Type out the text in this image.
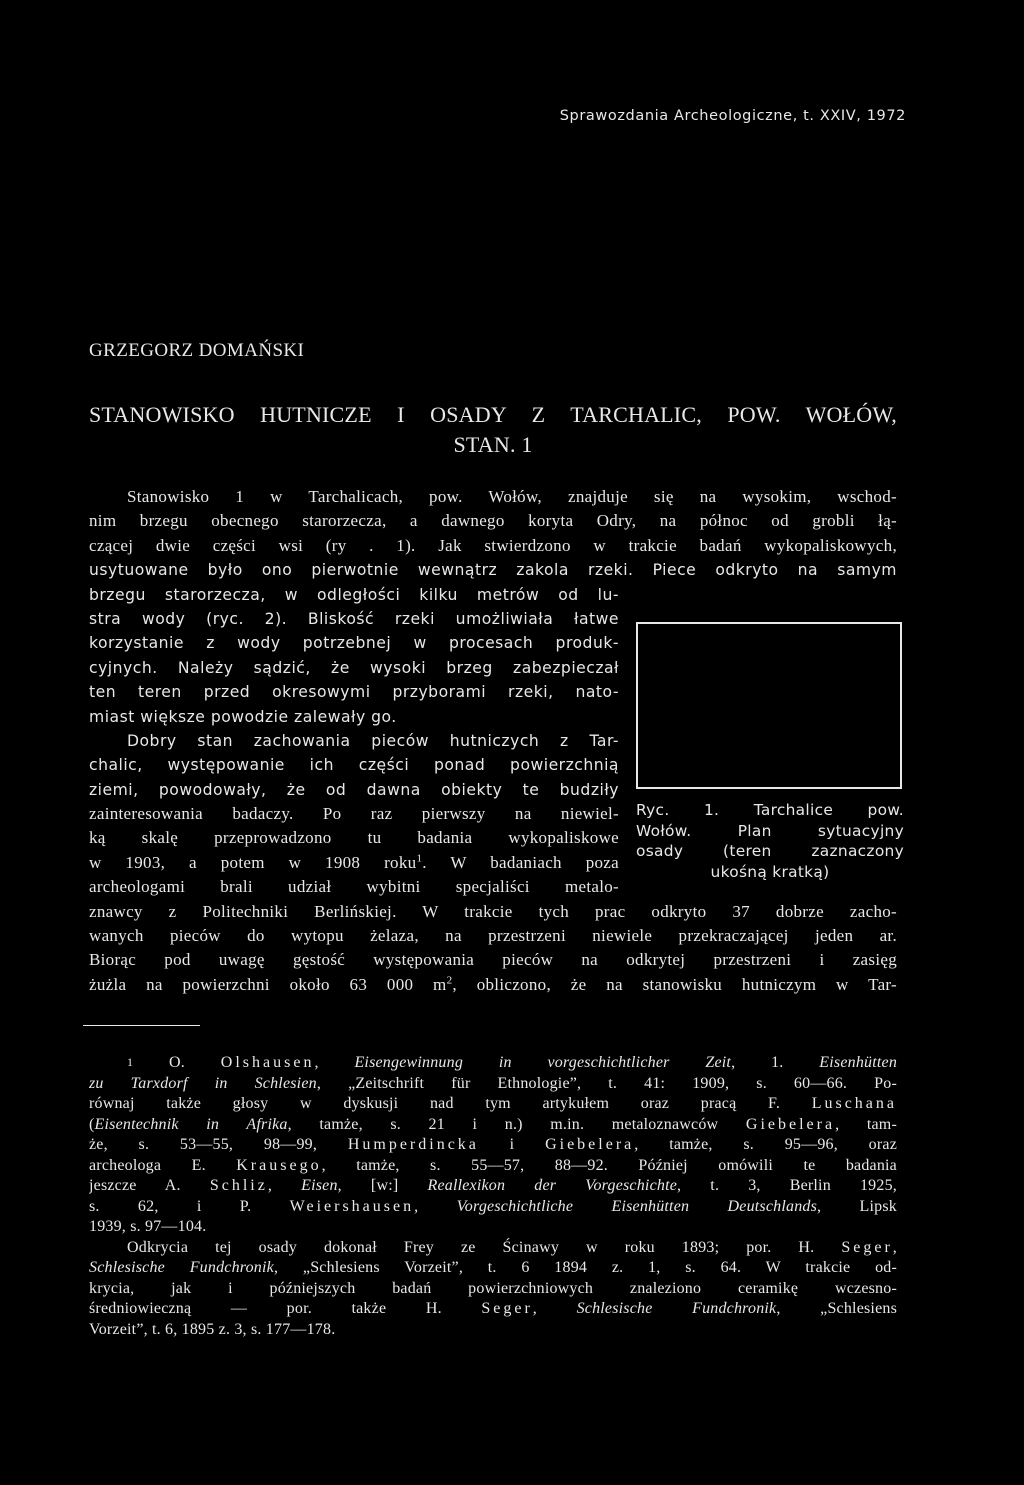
Sprawozdania Archeologiczne, t. XXIV, 1972
GRZEGORZ DOMAŃSKI
STANOWISKO HUTNICZE I OSADY Z TARCHALIC, POW. WOŁÓW,
STAN. 1
Stanowisko 1 w Tarchalicach, pow. Wołów, znajduje się na wysokim, wschod-
nim brzegu obecnego starorzecza, a dawnego koryta Odry, na północ od grobli łą-
czącej dwie części wsi (ry . 1). Jak stwierdzono w trakcie badań wykopaliskowych,
usytuowane było ono pierwotnie wewnątrz zakola rzeki. Piece odkryto na samym
brzegu starorzecza, w odległości kilku metrów od lu-
stra wody (ryc. 2). Bliskość rzeki umożliwiała łatwe
korzystanie z wody potrzebnej w procesach produk-
cyjnych. Należy sądzić, że wysoki brzeg zabezpieczał
ten teren przed okresowymi przyborami rzeki, nato-
miast większe powodzie zalewały go.
Dobry stan zachowania pieców hutniczych z Tar-
chalic, występowanie ich części ponad powierzchnią
ziemi, powodowały, że od dawna obiekty te budziły
zainteresowania badaczy. Po raz pierwszy na niewiel-
ką skalę przeprowadzono tu badania wykopaliskowe
w 1903, a potem w 1908 roku$^1$. W badaniach poza
archeologami brali udział wybitni specjaliści metalo-
znawcy z Politechniki Berlińskiej. W trakcie tych prac odkryto 37 dobrze zacho-
wanych pieców do wytopu żelaza, na przestrzeni niewiele przekraczającej jeden ar.
Biorąc pod uwagę gęstość występowania pieców na odkrytej przestrzeni i zasięg
żużla na powierzchni około 63 000 $m^2$, obliczono, że na stanowisku hutniczym w Tar-
Ryc. 1. Tarchalice pow.
Wołów. Plan sytuacyjny
osady (teren zaznaczony
ukośną kratką)
$^1$ O. Olshausen, Eisengewinnung in vorgeschichtlicher Zeit, 1. Eisenhütten
zu Tarxdorf in Schlesien, „Zeitschrift für Ethnologie”, t. 41: 1909, s. 60—66. Po-
równaj także głosy w dyskusji nad tym artykułem oraz pracą F. Luschana
(Eisentechnik in Afrika, tamże, s. 21 i n.) m.in. metaloznawców Giebelera, tam-
że, s. 53—55, 98—99, Humperdincka i Giebelera, tamże, s. 95—96, oraz
archeologa E. Krausego, tamże, s. 55—57, 88—92. Później omówili te badania
jeszcze A. Schliz, Eisen, [w:] Reallexikon der Vorgeschichte, t. 3, Berlin 1925,
s. 62, i P. Weiershausen, Vorgeschichtliche Eisenhütten Deutschlands, Lipsk
1939, s. 97—104.
Odkrycia tej osady dokonał Frey ze Ścinawy w roku 1893; por. H. Seger,
Schlesische Fundchronik, „Schlesiens Vorzeit”, t. 6 1894 z. 1, s. 64. W trakcie od-
krycia, jak i późniejszych badań powierzchniowych znaleziono ceramikę wczesno-
średniowieczną — por. także H. Seger, Schlesische Fundchronik, „Schlesiens
Vorzeit”, t. 6, 1895 z. 3, s. 177—178.
